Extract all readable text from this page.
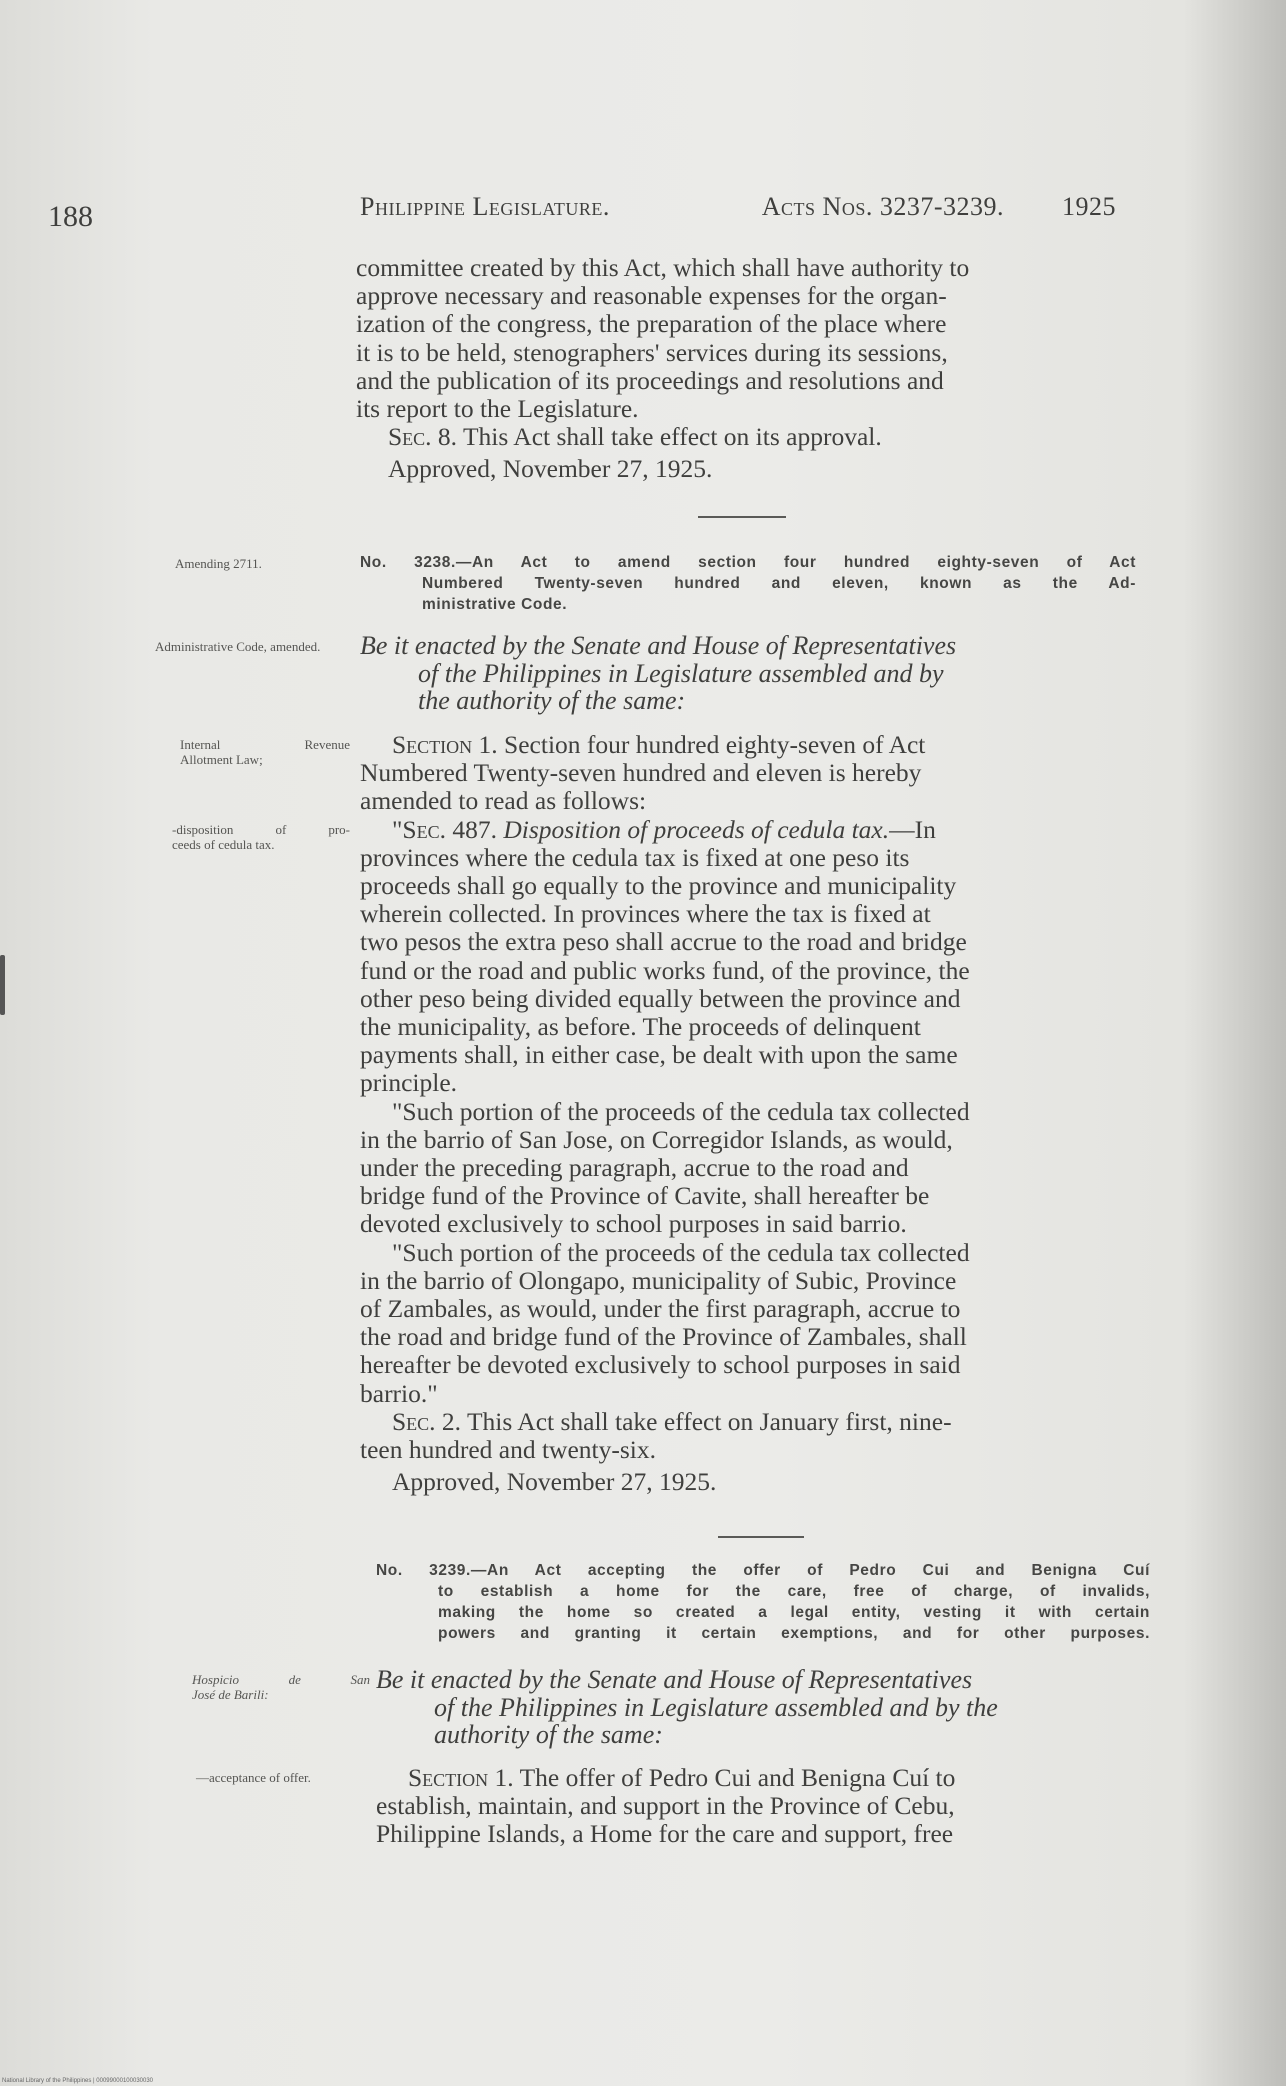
188	Philippine Legislature.	Acts Nos. 3237-3239. 1925

committee created by this Act, which shall have authority to

approve necessary and reasonable expenses for the organ-

ization of the congress, the preparation of the place where

it is to be held, stenographers' services during its sessions,

and the publication of its proceedings and resolutions and

its report to the Legislature.

Sec. 8. This Act shall take effect on its approval.

Approved, November 27, 1925.

Amending 2711.
Administrative Code, amended.
Internal Revenue
Allotment Law;
-disposition of pro-
ceeds of cedula tax.
No. 3238.—An Act to amend section four hundred eighty-seven of Act
Numbered Twenty-seven hundred and eleven, known as the Ad-
ministrative Code.
Be it enacted by the Senate and House of Representatives
of the Philippines in Legislature assembled and by
the authority of the same:

Section 1. Section four hundred eighty-seven of Act

Numbered Twenty-seven hundred and eleven is hereby

amended to read as follows:

"Sec. 487. Disposition of proceeds of cedula tax.—In

provinces where the cedula tax is fixed at one peso its

proceeds shall go equally to the province and municipality

wherein collected. In provinces where the tax is fixed at

two pesos the extra peso shall accrue to the road and bridge

fund or the road and public works fund, of the province, the

other peso being divided equally between the province and

the municipality, as before. The proceeds of delinquent

payments shall, in either case, be dealt with upon the same

principle.

"Such portion of the proceeds of the cedula tax collected

in the barrio of San Jose, on Corregidor Islands, as would,

under the preceding paragraph, accrue to the road and

bridge fund of the Province of Cavite, shall hereafter be

devoted exclusively to school purposes in said barrio.

"Such portion of the proceeds of the cedula tax collected

in the barrio of Olongapo, municipality of Subic, Province

of Zambales, as would, under the first paragraph, accrue to

the road and bridge fund of the Province of Zambales, shall

hereafter be devoted exclusively to school purposes in said

barrio."

Sec. 2. This Act shall take effect on January first, nine-

teen hundred and twenty-six.

Approved, November 27, 1925.

No. 3239.—An Act accepting the offer of Pedro Cui and Benigna Cuí
to establish a home for the care, free of charge, of invalids,
making the home so created a legal entity, vesting it with certain
powers and granting it certain exemptions, and for other purposes.
Hospicio de San
José de Barili:
—acceptance of offer.
Be it enacted by the Senate and House of Representatives
of the Philippines in Legislature assembled and by the
authority of the same:

Section 1. The offer of Pedro Cui and Benigna Cuí to

establish, maintain, and support in the Province of Cebu,

Philippine Islands, a Home for the care and support, free

National Library of the Philippines | 00099000100030030
